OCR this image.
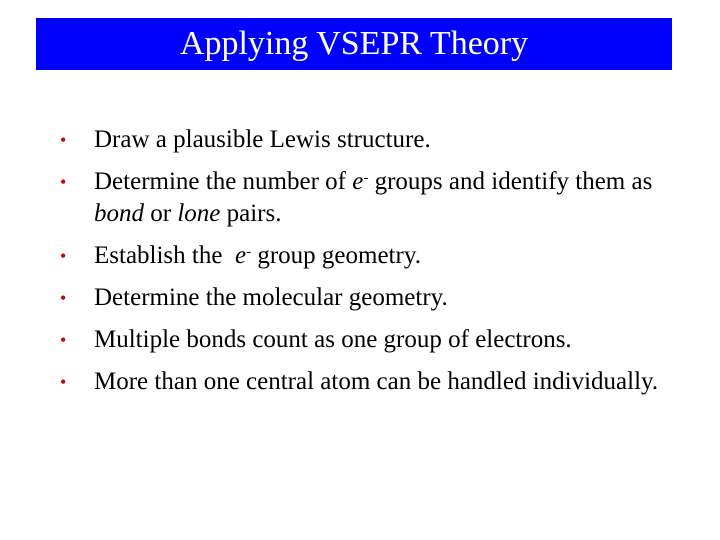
Applying VSEPR Theory
• Draw a plausible Lewis structure.
• Determine the number of e- groups and identify them as bond or lone pairs.
• Establish the  e- group geometry.
• Determine the molecular geometry.
• Multiple bonds count as one group of electrons.
• More than one central atom can be handled individually.
